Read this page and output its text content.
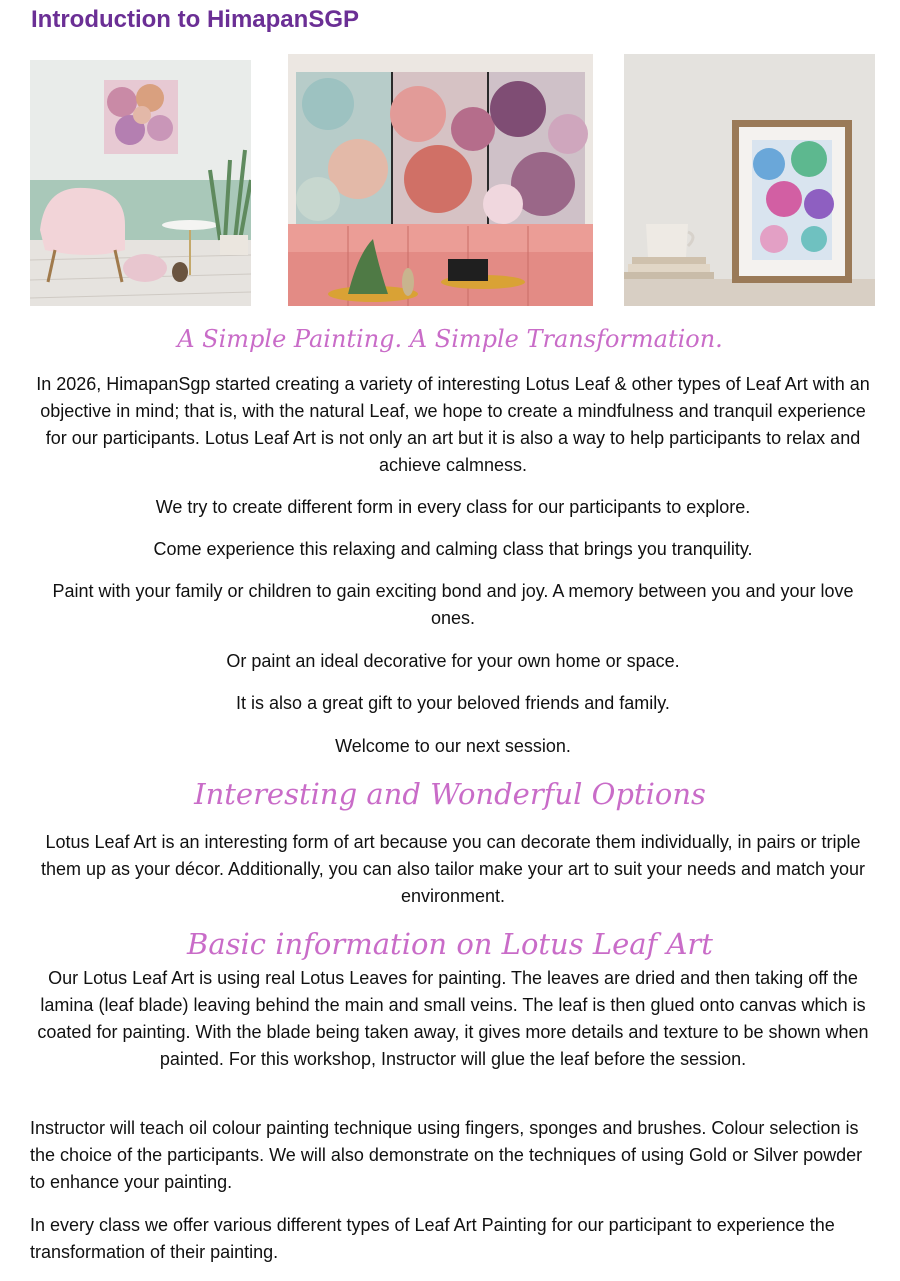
Introduction to HimapanSGP

A Simple Painting. A Simple Transformation.

In 2026, HimapanSgp started creating a variety of interesting Lotus Leaf & other types of Leaf Art with an objective in mind; that is, with the natural Leaf, we hope to create a mindfulness and tranquil experience for our participants. Lotus Leaf Art is not only an art but it is also a way to help participants to relax and achieve calmness.

We try to create different form in every class for our participants to explore.

Come experience this relaxing and calming class that brings you tranquility.

Paint with your family or children to gain exciting bond and joy. A memory between you and your love ones.

Or paint an ideal decorative for your own home or space.

It is also a great gift to your beloved friends and family.

Welcome to our next session.

Interesting and Wonderful Options

Lotus Leaf Art is an interesting form of art because you can decorate them individually, in pairs or triple them up as your décor. Additionally, you can also tailor make your art to suit your needs and match your environment.

Basic information on Lotus Leaf Art

Our Lotus Leaf Art is using real Lotus Leaves for painting. The leaves are dried and then taking off the lamina (leaf blade) leaving behind the main and small veins. The leaf is then glued onto canvas which is coated for painting. With the blade being taken away, it gives more details and texture to be shown when painted. For this workshop, Instructor will glue the leaf before the session.

Instructor will teach oil colour painting technique using fingers, sponges and brushes. Colour selection is the choice of the participants. We will also demonstrate on the techniques of using Gold or Silver powder to enhance your painting.

In every class we offer various different types of Leaf Art Painting for our participant to experience the transformation of their painting.
